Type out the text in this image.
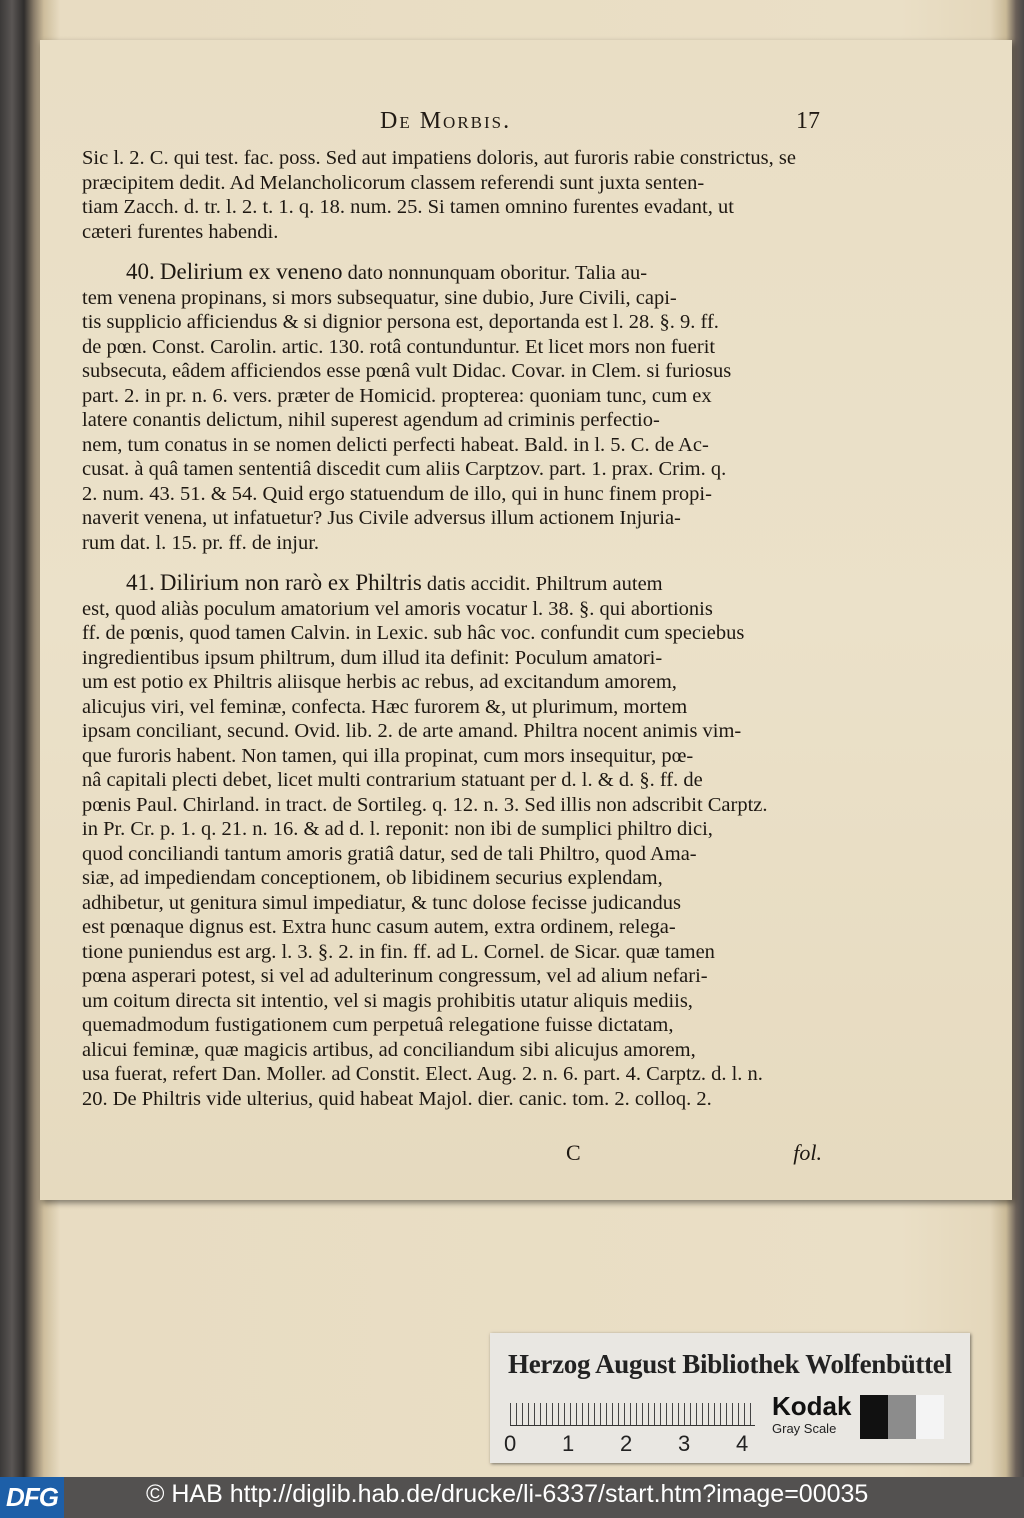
De Morbis.	17

Sic l. 2. C. qui test. fac. poss. Sed aut impatiens doloris, aut furoris rabie constrictus, se

præcipitem dedit. Ad Melancholicorum classem referendi sunt juxta senten-

tiam Zacch. d. tr. l. 2. t. 1. q. 18. num. 25. Si tamen omnino furentes evadant, ut

cæteri furentes habendi.

40. Delirium ex veneno dato nonnunquam oboritur. Talia au-

tem venena propinans, si mors subsequatur, sine dubio, Jure Civili, capi-

tis supplicio afficiendus & si dignior persona est, deportanda est l. 28. §. 9. ff.

de pœn. Const. Carolin. artic. 130. rotâ contunduntur. Et licet mors non fuerit

subsecuta, eâdem afficiendos esse pœnâ vult Didac. Covar. in Clem. si furiosus

part. 2. in pr. n. 6. vers. præter de Homicid. propterea: quoniam tunc, cum ex

latere conantis delictum, nihil superest agendum ad criminis perfectio-

nem, tum conatus in se nomen delicti perfecti habeat. Bald. in l. 5. C. de Ac-

cusat. à quâ tamen sententiâ discedit cum aliis Carptzov. part. 1. prax. Crim. q.

2. num. 43. 51. & 54. Quid ergo statuendum de illo, qui in hunc finem propi-

naverit venena, ut infatuetur? Jus Civile adversus illum actionem Injuria-

rum dat. l. 15. pr. ff. de injur.

41. Dilirium non rarò ex Philtris datis accidit. Philtrum autem

est, quod aliàs poculum amatorium vel amoris vocatur l. 38. §. qui abortionis

ff. de pœnis, quod tamen Calvin. in Lexic. sub hâc voc. confundit cum speciebus

ingredientibus ipsum philtrum, dum illud ita definit: Poculum amatori-

um est potio ex Philtris aliisque herbis ac rebus, ad excitandum amorem,

alicujus viri, vel feminæ, confecta. Hæc furorem &, ut plurimum, mortem

ipsam conciliant, secund. Ovid. lib. 2. de arte amand. Philtra nocent animis vim-

que furoris habent. Non tamen, qui illa propinat, cum mors insequitur, pœ-

nâ capitali plecti debet, licet multi contrarium statuant per d. l. & d. §. ff. de

pœnis Paul. Chirland. in tract. de Sortileg. q. 12. n. 3. Sed illis non adscribit Carptz.

in Pr. Cr. p. 1. q. 21. n. 16. & ad d. l. reponit: non ibi de sumplici philtro dici,

quod conciliandi tantum amoris gratiâ datur, sed de tali Philtro, quod Ama-

siæ, ad impediendam conceptionem, ob libidinem securius explendam,

adhibetur, ut genitura simul impediatur, & tunc dolose fecisse judicandus

est pœnaque dignus est. Extra hunc casum autem, extra ordinem, relega-

tione puniendus est arg. l. 3. §. 2. in fin. ff. ad L. Cornel. de Sicar. quæ tamen

pœna asperari potest, si vel ad adulterinum congressum, vel ad alium nefari-

um coitum directa sit intentio, vel si magis prohibitis utatur aliquis mediis,

quemadmodum fustigationem cum perpetuâ relegatione fuisse dictatam,

alicui feminæ, quæ magicis artibus, ad conciliandum sibi alicujus amorem,

usa fuerat, refert Dan. Moller. ad Constit. Elect. Aug. 2. n. 6. part. 4. Carptz. d. l. n.

20. De Philtris vide ulterius, quid habeat Majol. dier. canic. tom. 2. colloq. 2.

C	fol.
Herzog August Bibliothek Wolfenbüttel
0 1 2 3 4
Kodak
Gray Scale
DFG	© HAB http://diglib.hab.de/drucke/li-6337/start.htm?image=00035
